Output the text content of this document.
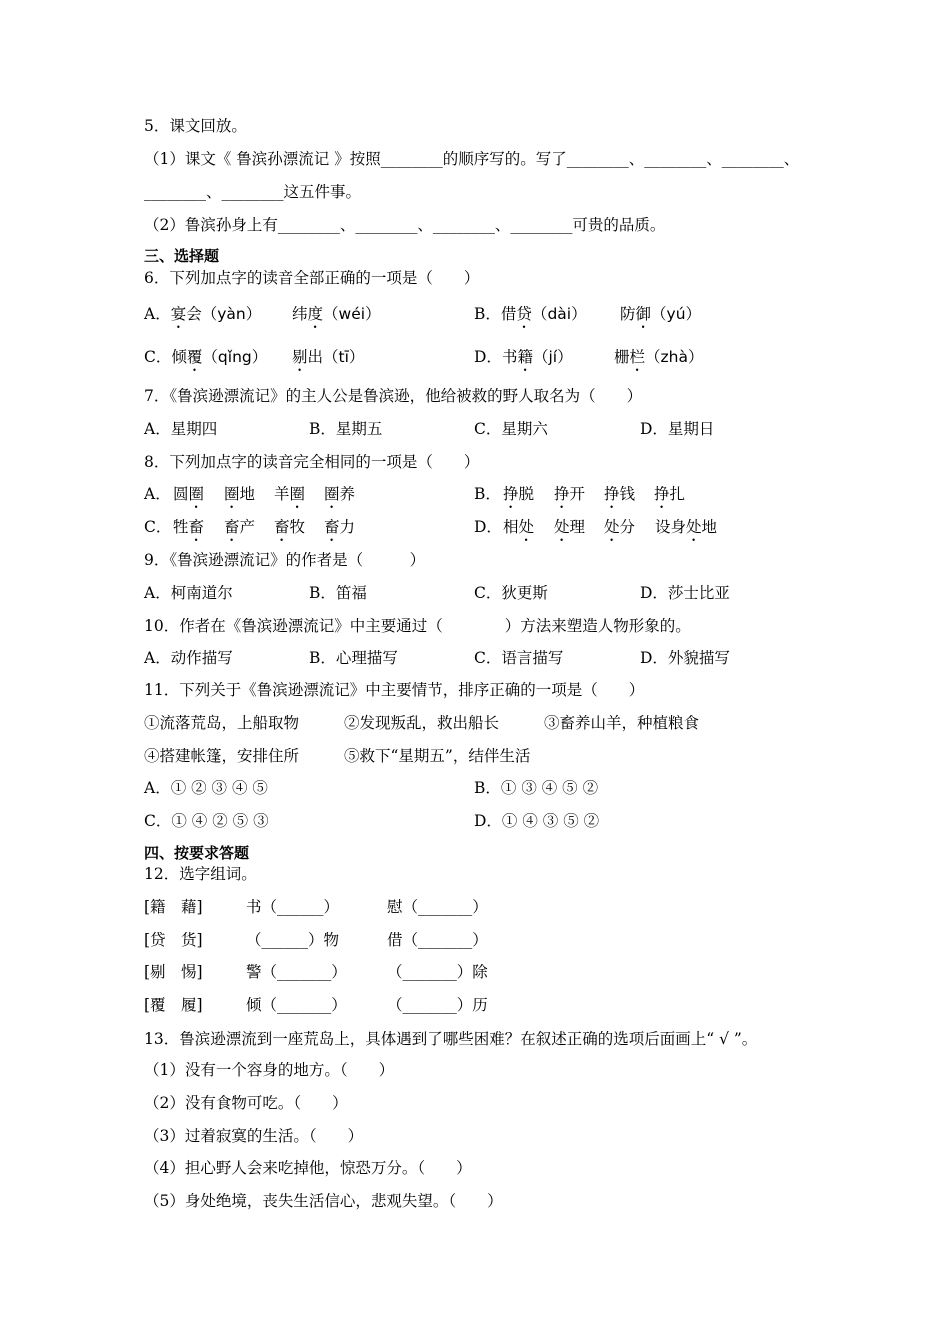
5．课文回放。
（1）课文《 鲁滨孙漂流记 》按照________的顺序写的。写了________、________、________、
________、________这五件事。
（2）鲁滨孙身上有________、________、________、________可贵的品质。
三、选择题
6．下列加点字的读音全部正确的一项是（　　）
A．宴会（yàn） 纬度（wéi）	B．借贷（dài） 防御（yú）
C．倾覆（qǐng） 剔出（tī）	D．书籍（jí）	栅栏（zhà）
7．《鲁滨逊漂流记》的主人公是鲁滨逊，他给被救的野人取名为（　　）
A．星期四	B．星期五	C．星期六	D．星期日
8．下列加点字的读音完全相同的一项是（　　）
A． 圆圈 圈地 羊圈 圈养	B． 挣脱 挣开 挣钱 挣扎
C． 牲畜 畜产 畜牧 畜力	D． 相处 处理 处分 设身处地
9．《鲁滨逊漂流记》的作者是（　　　）
A．柯南道尔	B．笛福	C．狄更斯	D．莎士比亚
10．作者在《鲁滨逊漂流记》中主要通过（　　　　）方法来塑造人物形象的。
A．动作描写	B．心理描写	C．语言描写	D．外貌描写
11．下列关于《鲁滨逊漂流记》中主要情节，排序正确的一项是（　　）
①流落荒岛，上船取物	②发现叛乱，救出船长	③畜养山羊，种植粮食
④搭建帐篷，安排住所	⑤救下“星期五”，结伴生活
A．① ② ③ ④ ⑤	B．① ③ ④ ⑤ ②
C．① ④ ② ⑤ ③	D．① ④ ③ ⑤ ②
四、按要求答题
12．选字组词。
[籍　藉]	书（______）	慰（_______）
[贷　货]	（______）物	借（_______）
[剔　惕]	警（_______）	（_______）除
[覆　履]	倾（_______）	（_______）历
13．鲁滨逊漂流到一座荒岛上，具体遇到了哪些困难？在叙述正确的选项后面画上“ √ ”。
（1）没有一个容身的地方。（　　）
（2）没有食物可吃。（　　）
（3）过着寂寞的生活。（　　）
（4）担心野人会来吃掉他，惊恐万分。（　　）
（5）身处绝境，丧失生活信心，悲观失望。（　　）
